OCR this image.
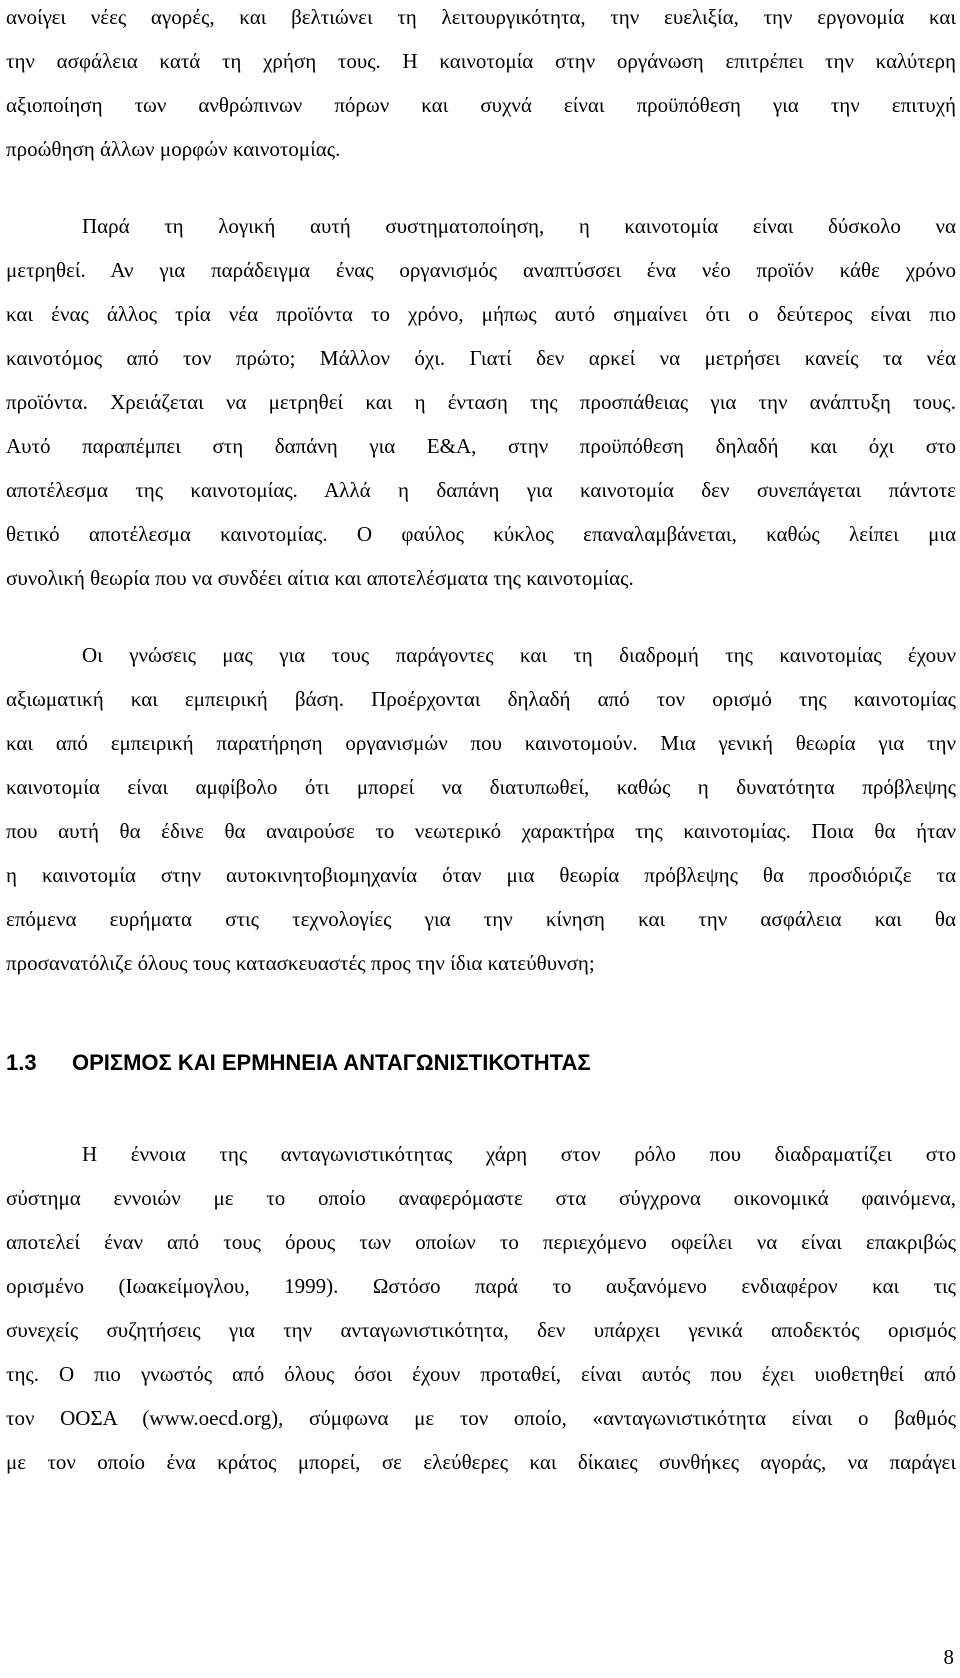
ανοίγει νέες αγορές, και βελτιώνει τη λειτουργικότητα, την ευελιξία, την εργονομία και
την ασφάλεια κατά τη χρήση τους. Η καινοτομία στην οργάνωση επιτρέπει την καλύτερη
αξιοποίηση των ανθρώπινων πόρων και συχνά είναι προϋπόθεση για την επιτυχή
προώθηση άλλων μορφών καινοτομίας.
Παρά τη λογική αυτή συστηματοποίηση, η καινοτομία είναι δύσκολο να
μετρηθεί. Αν για παράδειγμα ένας οργανισμός αναπτύσσει ένα νέο προϊόν κάθε χρόνο
και ένας άλλος τρία νέα προϊόντα το χρόνο, μήπως αυτό σημαίνει ότι ο δεύτερος είναι πιο
καινοτόμος από τον πρώτο; Μάλλον όχι. Γιατί δεν αρκεί να μετρήσει κανείς τα νέα
προϊόντα. Χρειάζεται να μετρηθεί και η ένταση της προσπάθειας για την ανάπτυξη τους.
Αυτό παραπέμπει στη δαπάνη για Ε&Α, στην προϋπόθεση δηλαδή και όχι στο
αποτέλεσμα της καινοτομίας. Αλλά η δαπάνη για καινοτομία δεν συνεπάγεται πάντοτε
θετικό αποτέλεσμα καινοτομίας. Ο φαύλος κύκλος επαναλαμβάνεται, καθώς λείπει μια
συνολική θεωρία που να συνδέει αίτια και αποτελέσματα της καινοτομίας.
Οι γνώσεις μας για τους παράγοντες και τη διαδρομή της καινοτομίας έχουν
αξιωματική και εμπειρική βάση. Προέρχονται δηλαδή από τον ορισμό της καινοτομίας
και από εμπειρική παρατήρηση οργανισμών που καινοτομούν. Μια γενική θεωρία για την
καινοτομία είναι αμφίβολο ότι μπορεί να διατυπωθεί, καθώς η δυνατότητα πρόβλεψης
που αυτή θα έδινε θα αναιρούσε το νεωτερικό χαρακτήρα της καινοτομίας. Ποια θα ήταν
η καινοτομία στην αυτοκινητοβιομηχανία όταν μια θεωρία πρόβλεψης θα προσδιόριζε τα
επόμενα ευρήματα στις τεχνολογίες για την κίνηση και την ασφάλεια και θα
προσανατόλιζε όλους τους κατασκευαστές προς την ίδια κατεύθυνση;
1.3 ΟΡΙΣΜΟΣ ΚΑΙ ΕΡΜΗΝΕΙΑ ΑΝΤΑΓΩΝΙΣΤΙΚΟΤΗΤΑΣ
Η έννοια της ανταγωνιστικότητας χάρη στον ρόλο που διαδραματίζει στο
σύστημα εννοιών με το οποίο αναφερόμαστε στα σύγχρονα οικονομικά φαινόμενα,
αποτελεί έναν από τους όρους των οποίων το περιεχόμενο οφείλει να είναι επακριβώς
ορισμένο (Ιωακείμογλου, 1999). Ωστόσο παρά το αυξανόμενο ενδιαφέρον και τις
συνεχείς συζητήσεις για την ανταγωνιστικότητα, δεν υπάρχει γενικά αποδεκτός ορισμός
της. Ο πιο γνωστός από όλους όσοι έχουν προταθεί, είναι αυτός που έχει υιοθετηθεί από
τον ΟΟΣΑ (www.oecd.org), σύμφωνα με τον οποίο, «ανταγωνιστικότητα είναι ο βαθμός
με τον οποίο ένα κράτος μπορεί, σε ελεύθερες και δίκαιες συνθήκες αγοράς, να παράγει
8
